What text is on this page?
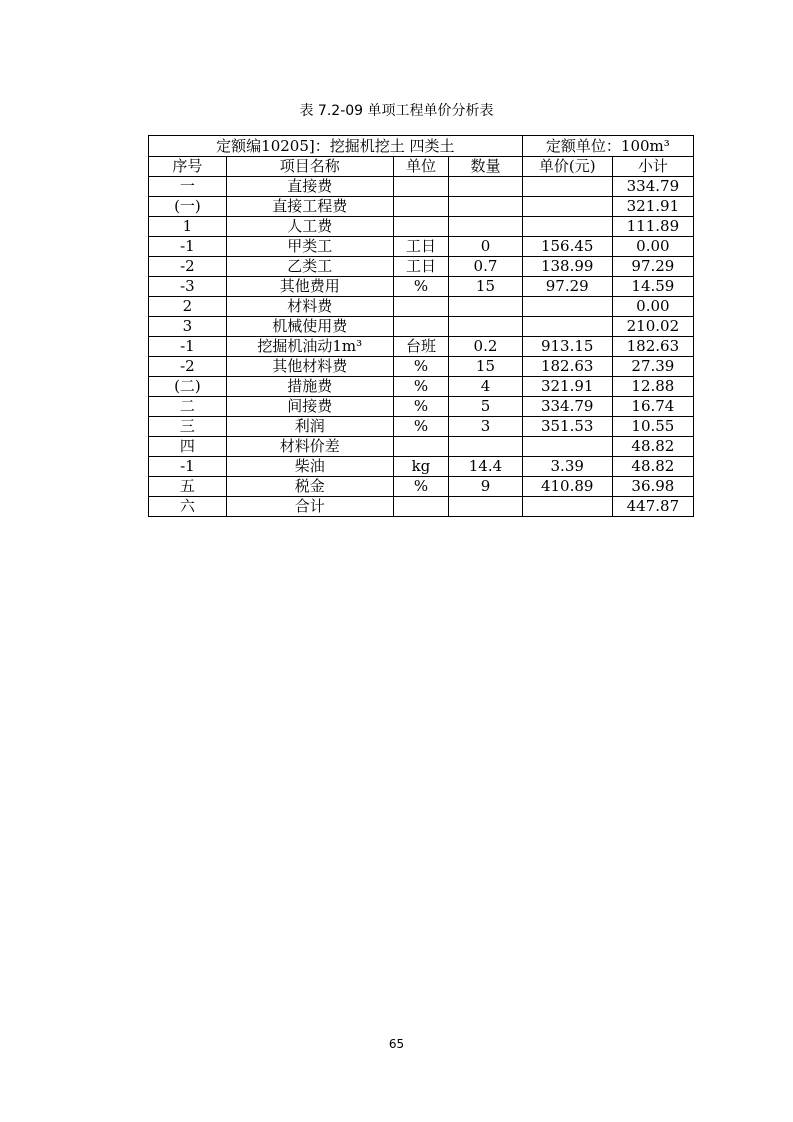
表 7.2-09 单项工程单价分析表
定额编10205]：挖掘机挖土 四类土				定额单位：100m³	
序号	项目名称	单位	数量	单价(元)	小计
一	直接费				334.79
(一)	直接工程费				321.91
1	人工费				111.89
-1	甲类工	工日	0	156.45	0.00
-2	乙类工	工日	0.7	138.99	97.29
-3	其他费用	%	15	97.29	14.59
2	材料费				0.00
3	机械使用费				210.02
-1	挖掘机油动1m³	台班	0.2	913.15	182.63
-2	其他材料费	%	15	182.63	27.39
(二)	措施费	%	4	321.91	12.88
二	间接费	%	5	334.79	16.74
三	利润	%	3	351.53	10.55
四	材料价差				48.82
-1	柴油	kg	14.4	3.39	48.82
五	税金	%	9	410.89	36.98
六	合计				447.87
65
